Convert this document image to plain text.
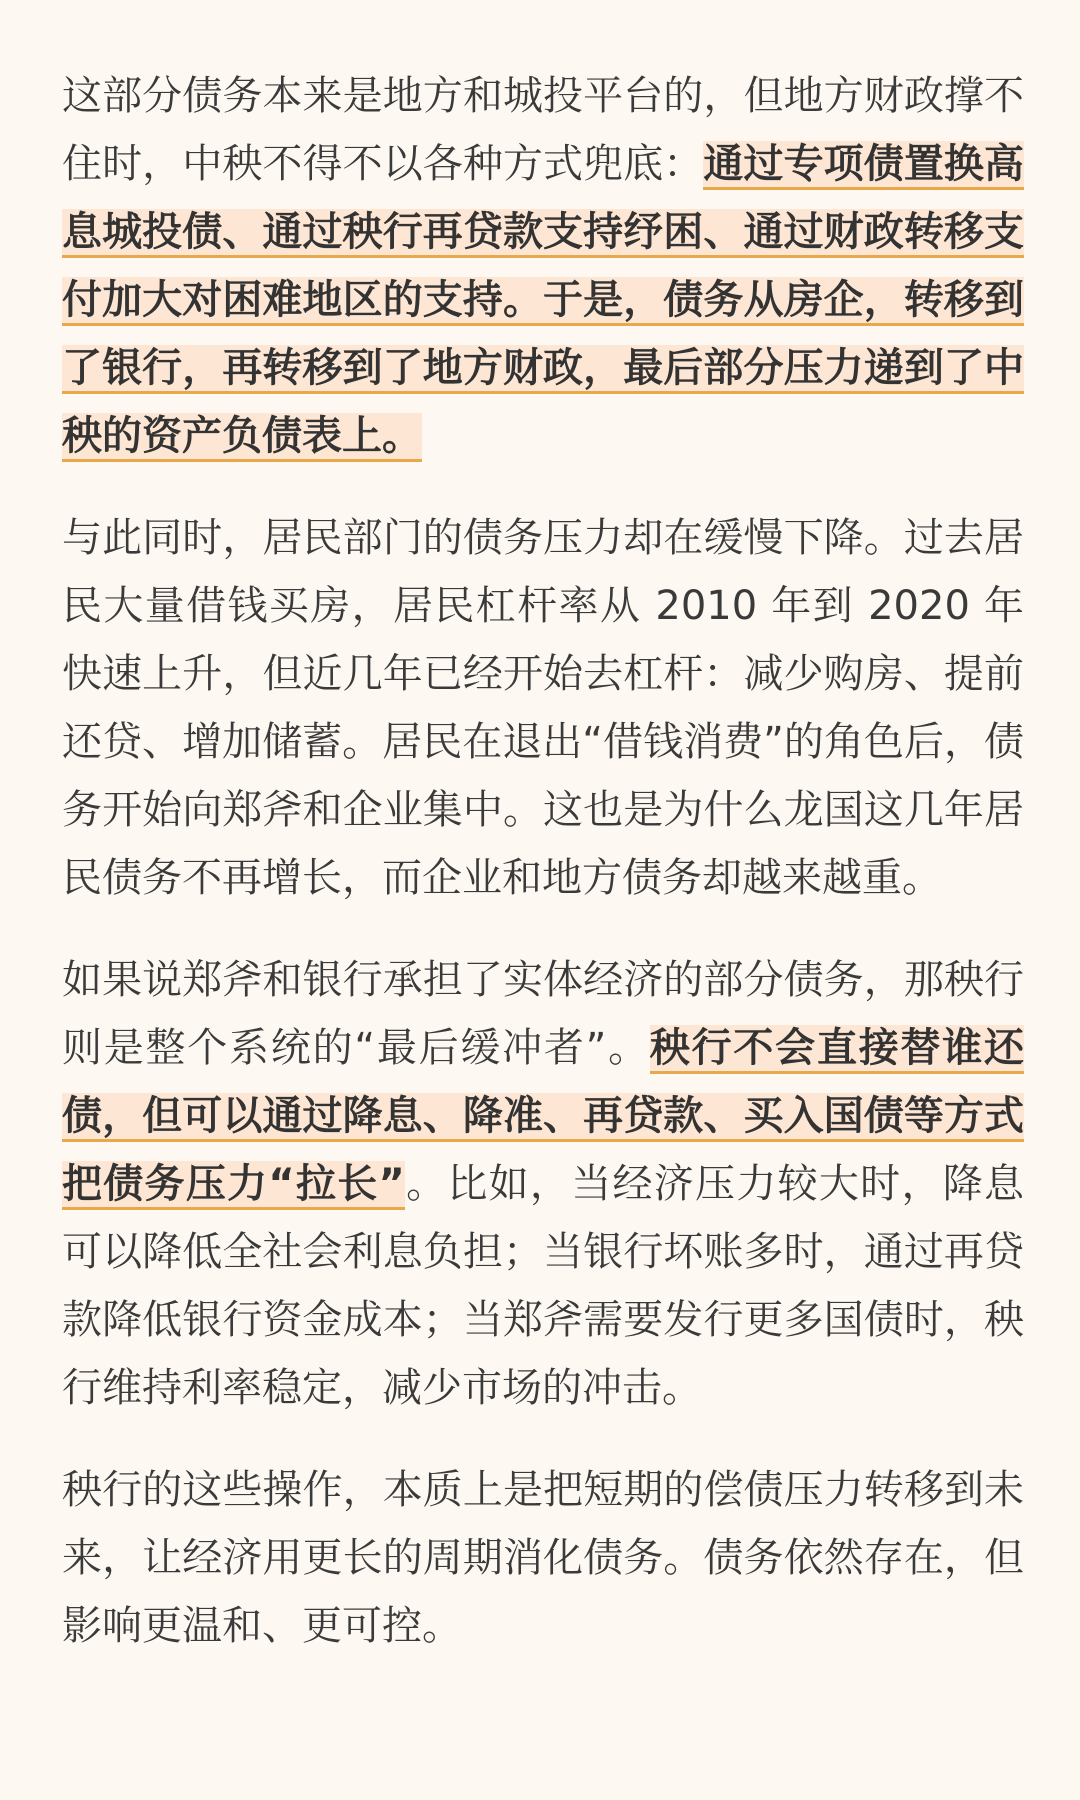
这部分债务本来是地方和城投平台的，但地方财政撑不住时，中秧不得不以各种方式兜底：通过专项债置换高息城投债、通过秧行再贷款支持纾困、通过财政转移支付加大对困难地区的支持。于是，债务从房企，转移到了银行，再转移到了地方财政，最后部分压力递到了中秧的资产负债表上。

与此同时，居民部门的债务压力却在缓慢下降。过去居民大量借钱买房，居民杠杆率从 2010 年到 2020 年快速上升，但近几年已经开始去杠杆：减少购房、提前还贷、增加储蓄。居民在退出“借钱消费”的角色后，债务开始向郑斧和企业集中。这也是为什么龙国这几年居民债务不再增长，而企业和地方债务却越来越重。

如果说郑斧和银行承担了实体经济的部分债务，那秧行则是整个系统的“最后缓冲者”。秧行不会直接替谁还债，但可以通过降息、降准、再贷款、买入国债等方式把债务压力“拉长”。比如，当经济压力较大时，降息可以降低全社会利息负担；当银行坏账多时，通过再贷款降低银行资金成本；当郑斧需要发行更多国债时，秧行维持利率稳定，减少市场的冲击。

秧行的这些操作，本质上是把短期的偿债压力转移到未来，让经济用更长的周期消化债务。债务依然存在，但影响更温和、更可控。
